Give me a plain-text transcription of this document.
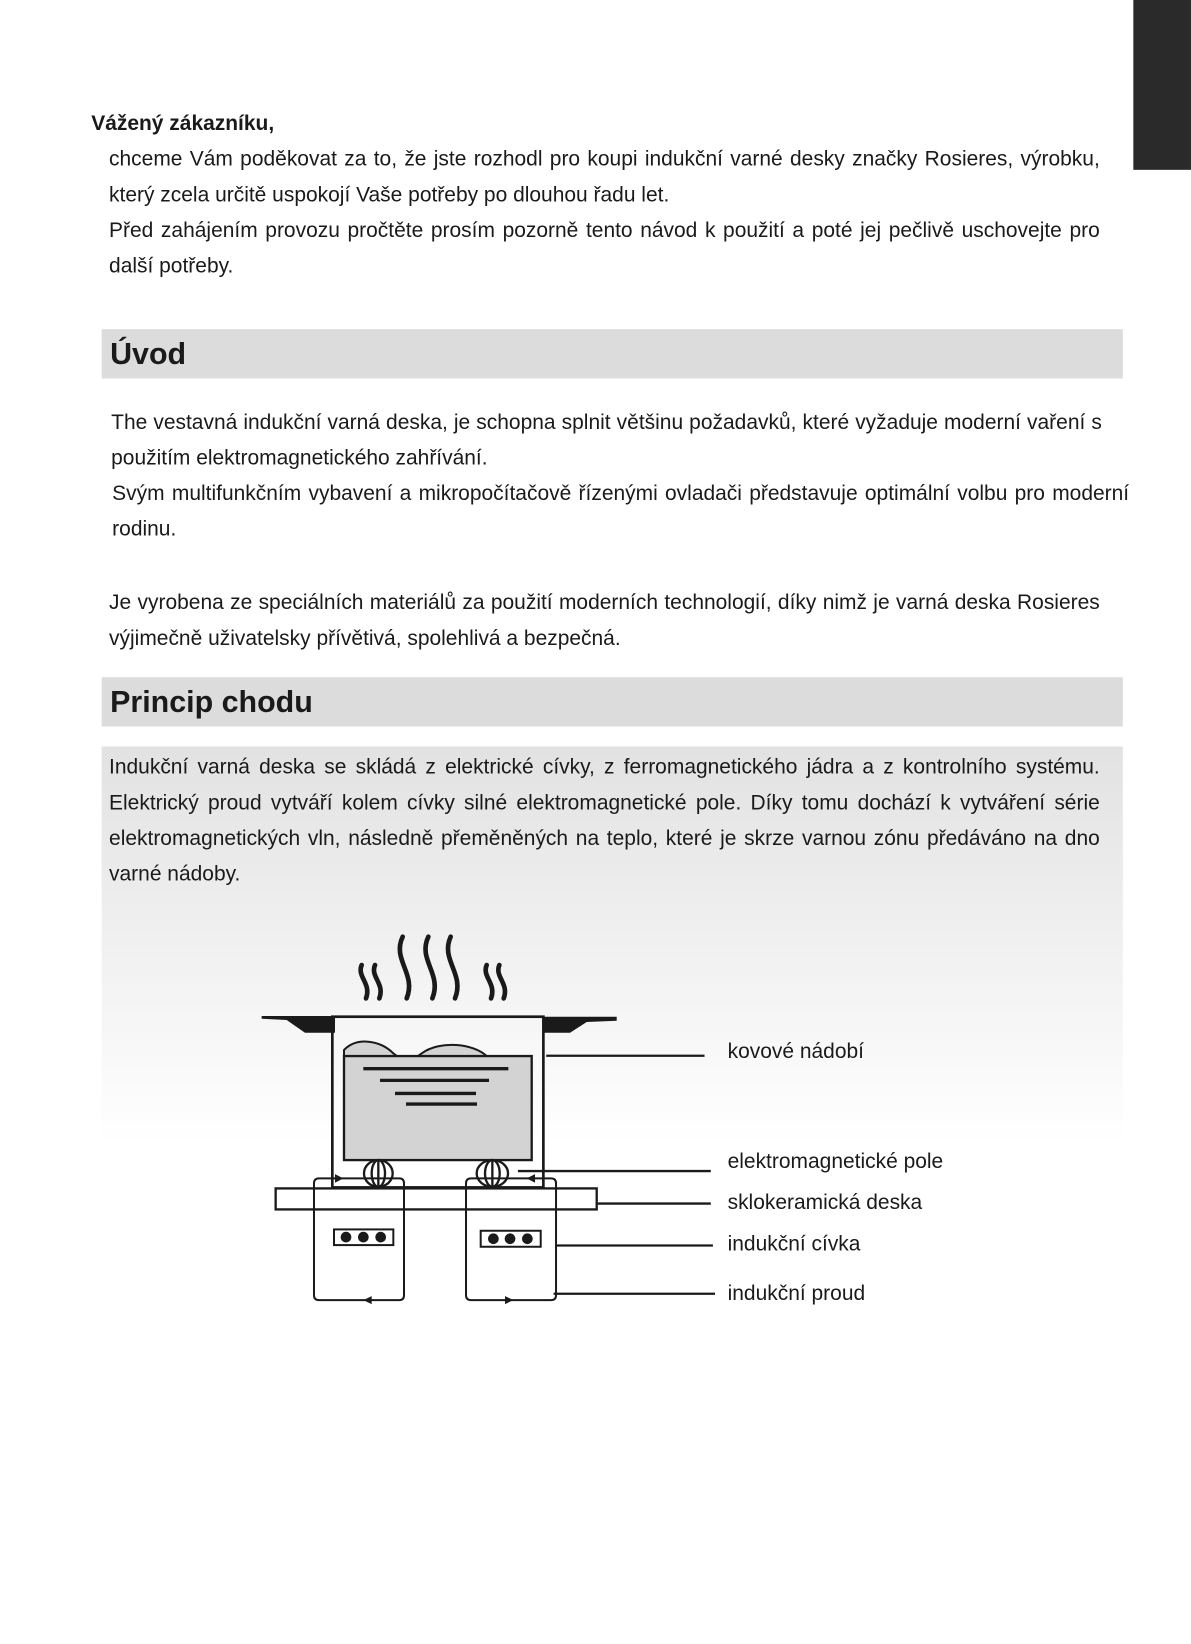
Vážený zákazníku,

chceme Vám poděkovat za to, že jste rozhodl pro koupi indukční varné desky značky Rosieres, výrobku, který zcela určitě uspokojí Vaše potřeby po dlouhou řadu let.

Před zahájením provozu pročtěte prosím pozorně tento návod k použití a poté jej pečlivě uschovejte pro další potřeby.

Úvod

The vestavná indukční varná deska, je schopna splnit většinu požadavků, které vyžaduje moderní vaření s použitím elektromagnetického zahřívání.

Svým multifunkčním vybavení a mikropočítačově řízenými ovladači představuje optimální volbu pro moderní rodinu.

Je vyrobena ze speciálních materiálů za použití moderních technologií, díky nimž je varná deska Rosieres výjimečně uživatelsky přívětivá, spolehlivá a bezpečná.

Princip chodu

Indukční varná deska se skládá z elektrické cívky, z ferromagnetického jádra a z kontrolního systému. Elektrický proud vytváří kolem cívky silné elektromagnetické pole. Díky tomu dochází k vytváření série elektromagnetických vln, následně přeměněných na teplo, které je skrze varnou zónu předáváno na dno varné nádoby.

kovové nádobí
elektromagnetické pole
sklokeramická deska
indukční cívka
indukční proud
